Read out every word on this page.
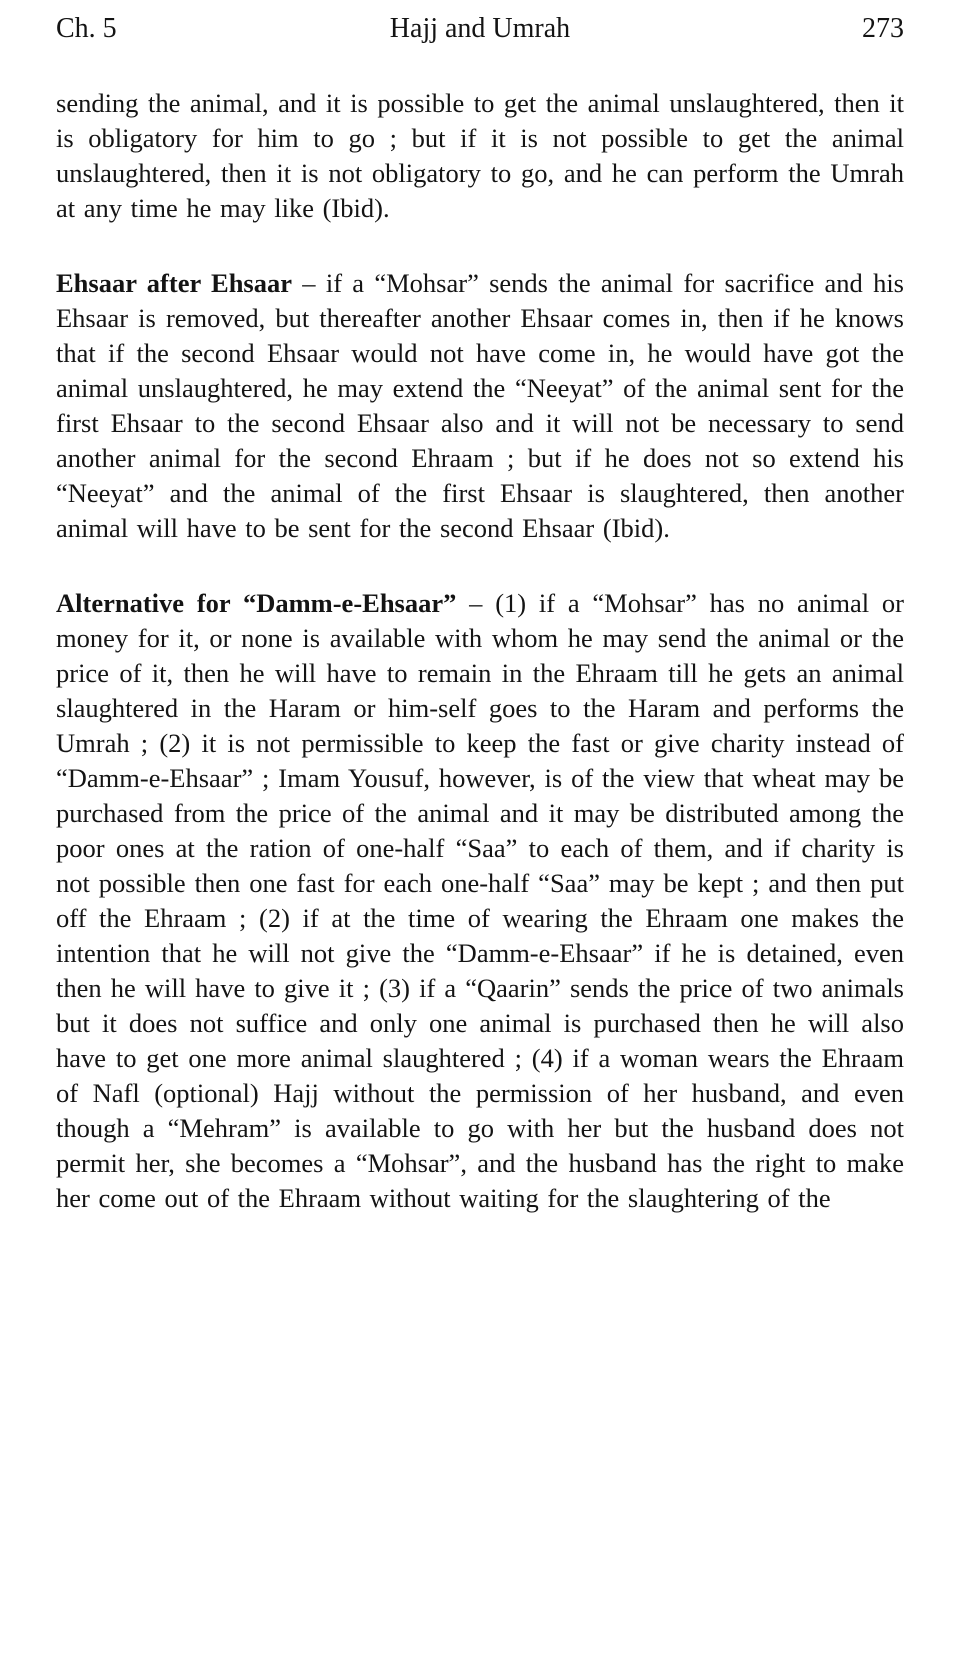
Ch. 5	Hajj and Umrah	273

sending the animal, and it is possible to get the animal unslaughtered, then it is obligatory for him to go ; but if it is not possible to get the animal unslaughtered, then it is not obligatory to go, and he can perform the Umrah at any time he may like (Ibid).

Ehsaar after Ehsaar – if a “Mohsar” sends the animal for sacrifice and his Ehsaar is removed, but thereafter another Ehsaar comes in, then if he knows that if the second Ehsaar would not have come in, he would have got the animal unslaughtered, he may extend the “Neeyat” of the animal sent for the first Ehsaar to the second Ehsaar also and it will not be necessary to send another animal for the second Ehraam ; but if he does not so extend his “Neeyat” and the animal of the first Ehsaar is slaughtered, then another animal will have to be sent for the second Ehsaar (Ibid).

Alternative for “Damm-e-Ehsaar” – (1) if a “Mohsar” has no animal or money for it, or none is available with whom he may send the animal or the price of it, then he will have to remain in the Ehraam till he gets an animal slaughtered in the Haram or him-self goes to the Haram and performs the Umrah ; (2) it is not permissible to keep the fast or give charity instead of “Damm-e-Ehsaar” ; Imam Yousuf, however, is of the view that wheat may be purchased from the price of the animal and it may be distributed among the poor ones at the ration of one-half “Saa” to each of them, and if charity is not possible then one fast for each one-half “Saa” may be kept ; and then put off the Ehraam ; (2) if at the time of wearing the Ehraam one makes the intention that he will not give the “Damm-e-Ehsaar” if he is detained, even then he will have to give it ; (3) if a “Qaarin” sends the price of two animals but it does not suffice and only one animal is purchased then he will also have to get one more animal slaughtered ; (4) if a woman wears the Ehraam of Nafl (optional) Hajj without the permission of her husband, and even though a “Mehram” is available to go with her but the husband does not permit her, she becomes a “Mohsar”, and the husband has the right to make her come out of the Ehraam without waiting for the slaughtering of the
